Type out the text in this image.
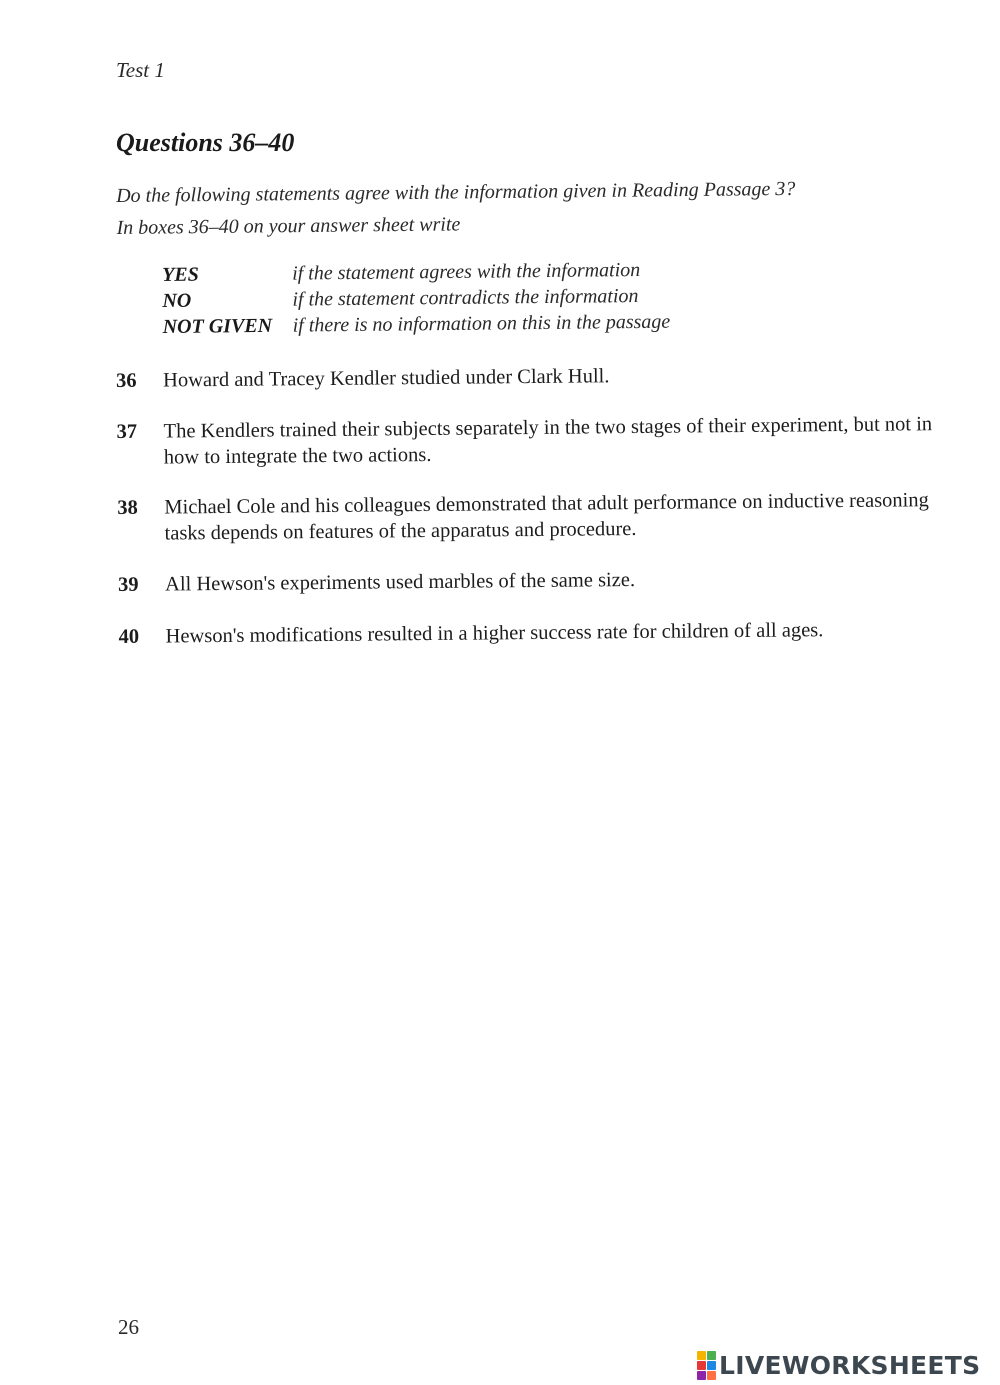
Test 1
Questions 36–40
Do the following statements agree with the information given in Reading Passage 3?
In boxes 36–40 on your answer sheet write
YES	if the statement agrees with the information
NO	if the statement contradicts the information
NOT GIVEN	if there is no information on this in the passage
36	Howard and Tracey Kendler studied under Clark Hull.
37	The Kendlers trained their subjects separately in the two stages of their experiment, but not in how to integrate the two actions.
38	Michael Cole and his colleagues demonstrated that adult performance on inductive reasoning tasks depends on features of the apparatus and procedure.
39	All Hewson's experiments used marbles of the same size.
40	Hewson's modifications resulted in a higher success rate for children of all ages.
26
LIVEWORKSHEETS
